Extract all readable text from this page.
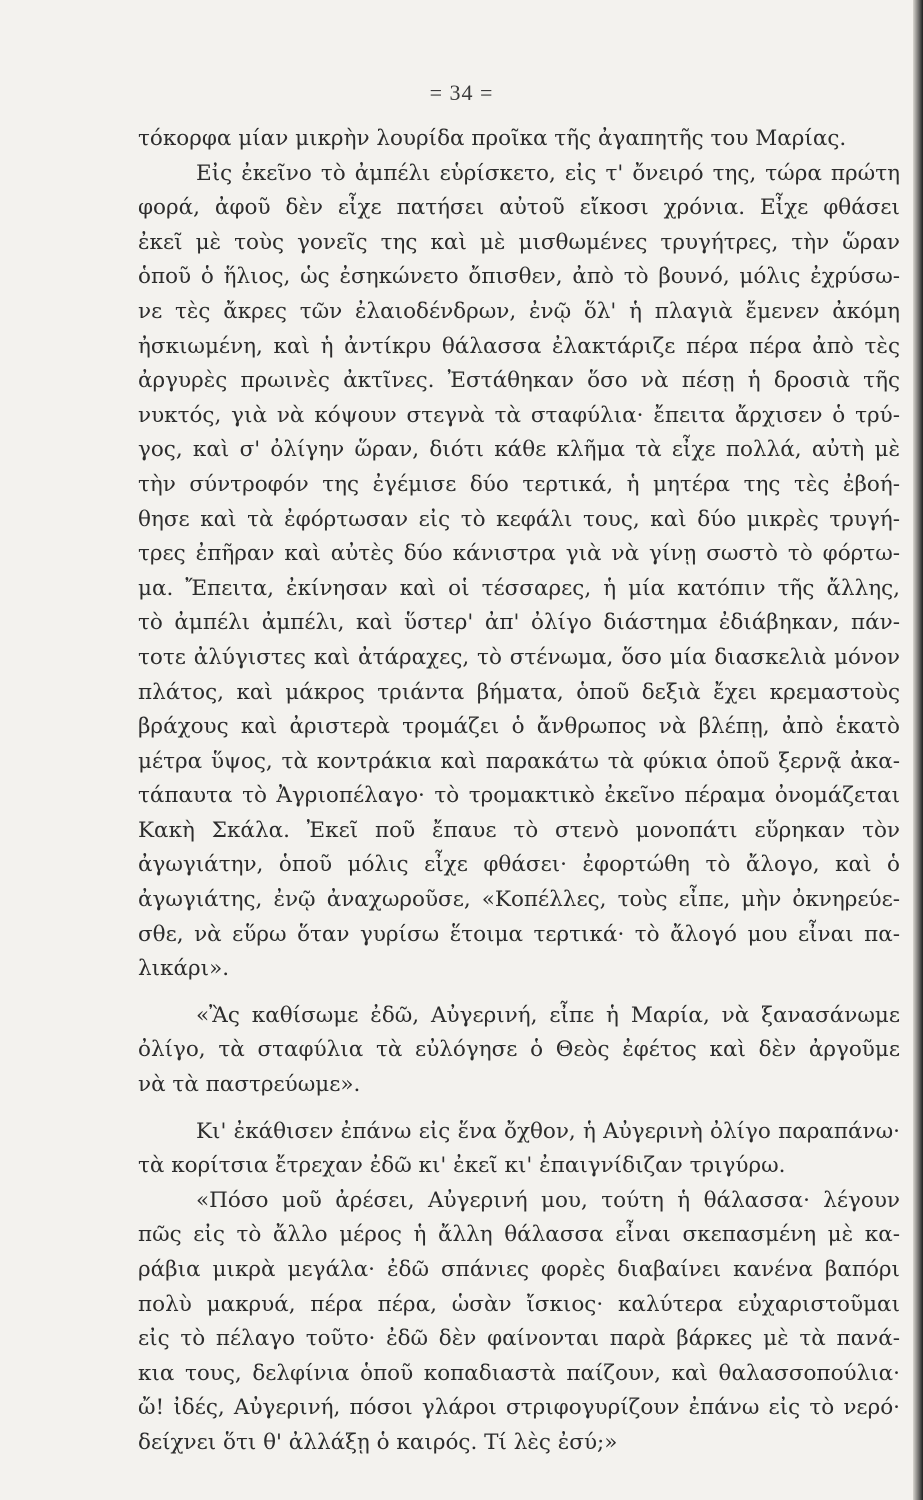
= 34 =
τόκορφα μίαν μικρὴν λουρίδα προῖκα τῆς ἀγαπητῆς του Μαρίας.
Εἰς ἐκεῖνο τὸ ἀμπέλι εὑρίσκετο, εἰς τ' ὄνειρό της, τώρα πρώτη
φορά, ἀφοῦ δὲν εἶχε πατήσει αὐτοῦ εἴκοσι χρόνια. Εἶχε φθάσει
ἐκεῖ μὲ τοὺς γονεῖς της καὶ μὲ μισθωμένες τρυγήτρες, τὴν ὥραν
ὁποῦ ὁ ἥλιος, ὡς ἐσηκώνετο ὄπισθεν, ἀπὸ τὸ βουνό, μόλις ἐχρύσω-
νε τὲς ἄκρες τῶν ἐλαιοδένδρων, ἐνῷ ὅλ' ἡ πλαγιὰ ἔμενεν ἀκόμη
ἠσκιωμένη, καὶ ἡ ἀντίκρυ θάλασσα ἐλακτάριζε πέρα πέρα ἀπὸ τὲς
ἀργυρὲς πρωινὲς ἀκτῖνες. Ἐστάθηκαν ὅσο νὰ πέσῃ ἡ δροσιὰ τῆς
νυκτός, γιὰ νὰ κόψουν στεγνὰ τὰ σταφύλια· ἔπειτα ἄρχισεν ὁ τρύ-
γος, καὶ σ' ὀλίγην ὥραν, διότι κάθε κλῆμα τὰ εἶχε πολλά, αὐτὴ μὲ
τὴν σύντροφόν της ἐγέμισε δύο τερτικά, ἡ μητέρα της τὲς ἐβοή-
θησε καὶ τὰ ἐφόρτωσαν εἰς τὸ κεφάλι τους, καὶ δύο μικρὲς τρυγή-
τρες ἐπῆραν καὶ αὐτὲς δύο κάνιστρα γιὰ νὰ γίνῃ σωστὸ τὸ φόρτω-
μα. Ἔπειτα, ἐκίνησαν καὶ οἱ τέσσαρες, ἡ μία κατόπιν τῆς ἄλλης,
τὸ ἀμπέλι ἀμπέλι, καὶ ὕστερ' ἀπ' ὀλίγο διάστημα ἐδιάβηκαν, πάν-
τοτε ἀλύγιστες καὶ ἀτάραχες, τὸ στένωμα, ὅσο μία διασκελιὰ μόνον
πλάτος, καὶ μάκρος τριάντα βήματα, ὁποῦ δεξιὰ ἔχει κρεμαστοὺς
βράχους καὶ ἀριστερὰ τρομάζει ὁ ἄνθρωπος νὰ βλέπῃ, ἀπὸ ἑκατὸ
μέτρα ὕψος, τὰ κοντράκια καὶ παρακάτω τὰ φύκια ὁποῦ ξερνᾷ ἀκα-
τάπαυτα τὸ Ἀγριοπέλαγο· τὸ τρομακτικὸ ἐκεῖνο πέραμα ὀνομάζεται
Κακὴ Σκάλα. Ἐκεῖ ποῦ ἔπαυε τὸ στενὸ μονοπάτι εὕρηκαν τὸν
ἀγωγιάτην, ὁποῦ μόλις εἶχε φθάσει· ἐφορτώθη τὸ ἄλογο, καὶ ὁ
ἀγωγιάτης, ἐνῷ ἀναχωροῦσε, «Κοπέλλες, τοὺς εἶπε, μὴν ὀκνηρεύε-
σθε, νὰ εὕρω ὅταν γυρίσω ἕτοιμα τερτικά· τὸ ἄλογό μου εἶναι πα-
λικάρι».
«Ἂς καθίσωμε ἐδῶ, Αὐγερινή, εἶπε ἡ Μαρία, νὰ ξανασάνωμε
ὀλίγο, τὰ σταφύλια τὰ εὐλόγησε ὁ Θεὸς ἐφέτος καὶ δὲν ἀργοῦμε
νὰ τὰ παστρεύωμε».
Κι' ἐκάθισεν ἐπάνω εἰς ἕνα ὄχθον, ἡ Αὐγερινὴ ὀλίγο παραπάνω·
τὰ κορίτσια ἔτρεχαν ἐδῶ κι' ἐκεῖ κι' ἐπαιγνίδιζαν τριγύρω.
«Πόσο μοῦ ἀρέσει, Αὐγερινή μου, τούτη ἡ θάλασσα· λέγουν
πῶς εἰς τὸ ἄλλο μέρος ἡ ἄλλη θάλασσα εἶναι σκεπασμένη μὲ κα-
ράβια μικρὰ μεγάλα· ἐδῶ σπάνιες φορὲς διαβαίνει κανένα βαπόρι
πολὺ μακρυά, πέρα πέρα, ὡσὰν ἴσκιος· καλύτερα εὐχαριστοῦμαι
εἰς τὸ πέλαγο τοῦτο· ἐδῶ δὲν φαίνονται παρὰ βάρκες μὲ τὰ πανά-
κια τους, δελφίνια ὁποῦ κοπαδιαστὰ παίζουν, καὶ θαλασσοπούλια·
ὤ! ἰδές, Αὐγερινή, πόσοι γλάροι στριφογυρίζουν ἐπάνω εἰς τὸ νερό·
δείχνει ὅτι θ' ἀλλάξῃ ὁ καιρός. Τί λὲς ἐσύ;»
